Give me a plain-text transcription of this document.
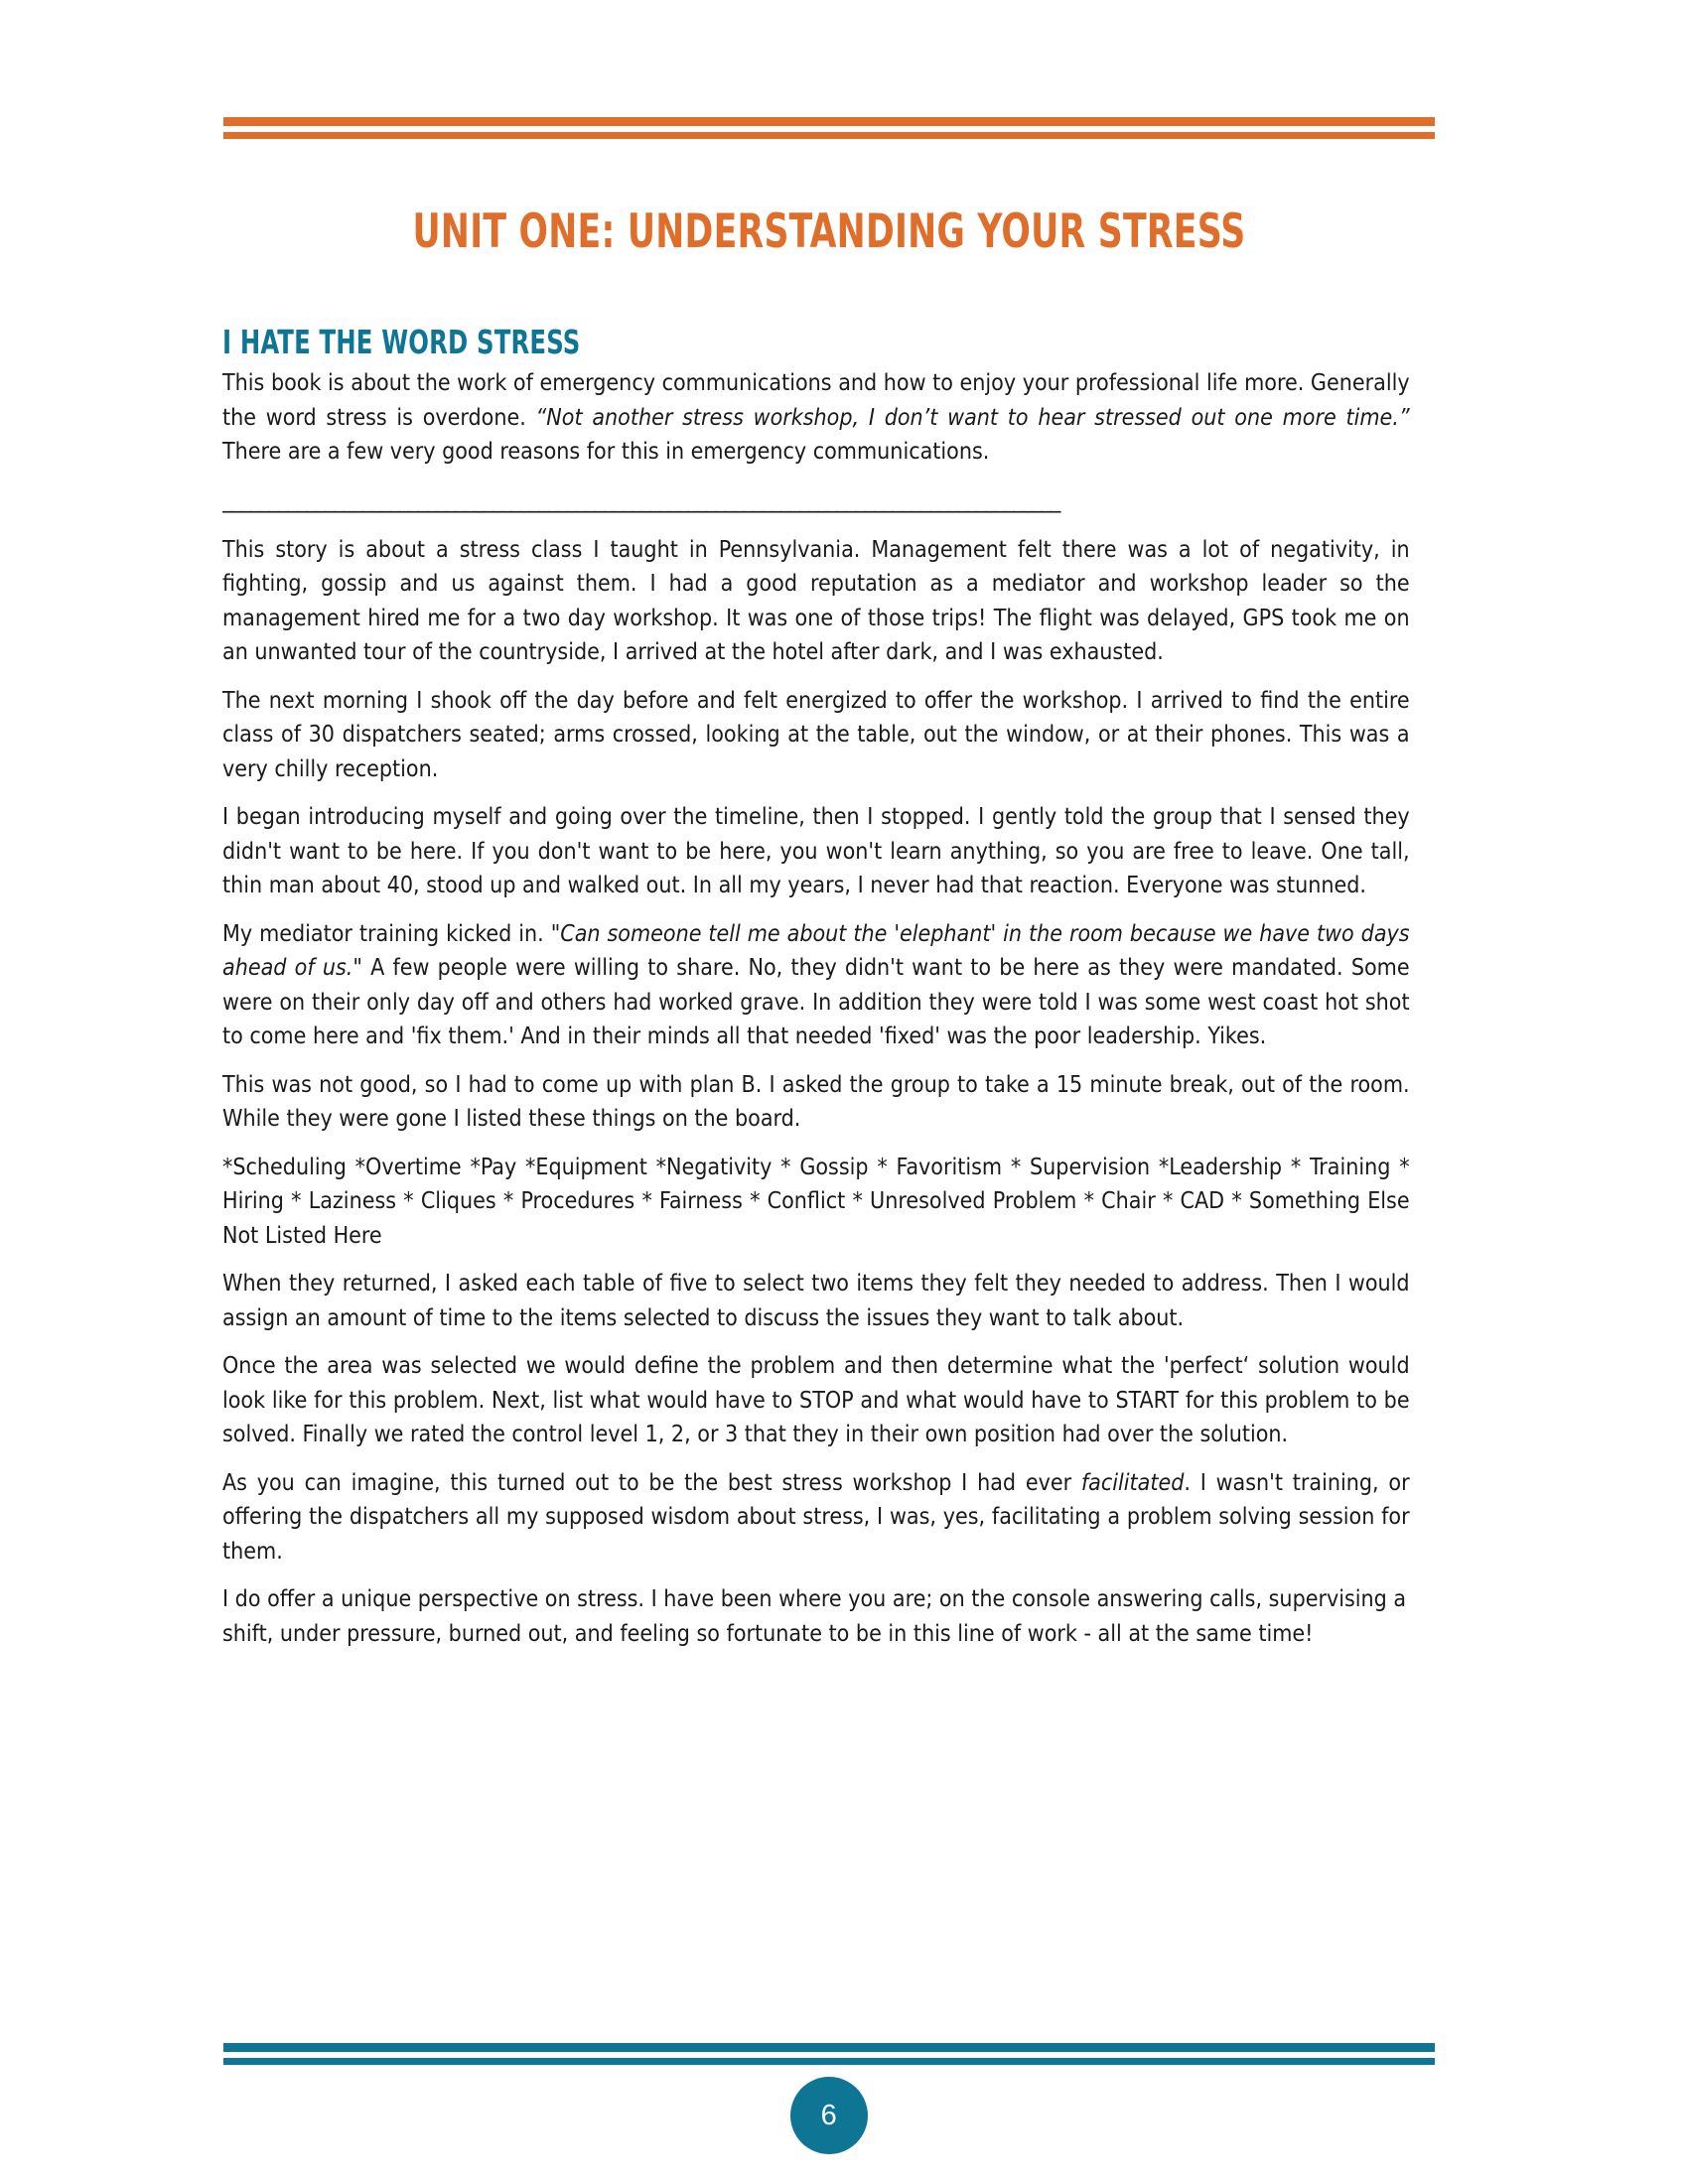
UNIT ONE: UNDERSTANDING YOUR STRESS
I HATE THE WORD STRESS

This book is about the work of emergency communications and how to enjoy your professional life more. Generally the word stress is overdone. “Not another stress workshop, I don’t want to hear stressed out one more time.” There are a few very good reasons for this in emergency communications.

__________________________________________________________________________________________

This story is about a stress class I taught in Pennsylvania. Management felt there was a lot of negativity, in fighting, gossip and us against them. I had a good reputation as a mediator and workshop leader so the management hired me for a two day workshop. It was one of those trips! The flight was delayed, GPS took me on an unwanted tour of the countryside, I arrived at the hotel after dark, and I was exhausted.

The next morning I shook off the day before and felt energized to offer the workshop. I arrived to find the entire class of 30 dispatchers seated; arms crossed, looking at the table, out the window, or at their phones. This was a very chilly reception.

I began introducing myself and going over the timeline, then I stopped. I gently told the group that I sensed they didn't want to be here. If you don't want to be here, you won't learn anything, so you are free to leave. One tall, thin man about 40, stood up and walked out. In all my years, I never had that reaction. Everyone was stunned.

My mediator training kicked in. "Can someone tell me about the 'elephant' in the room because we have two days ahead of us." A few people were willing to share. No, they didn't want to be here as they were mandated. Some were on their only day off and others had worked grave. In addition they were told I was some west coast hot shot to come here and 'fix them.' And in their minds all that needed 'fixed' was the poor leadership. Yikes.

This was not good, so I had to come up with plan B. I asked the group to take a 15 minute break, out of the room. While they were gone I listed these things on the board.

*Scheduling *Overtime *Pay *Equipment *Negativity * Gossip * Favoritism * Supervision *Leadership * Training * Hiring * Laziness * Cliques * Procedures * Fairness * Conflict * Unresolved Problem * Chair * CAD * Something Else Not Listed Here

When they returned, I asked each table of five to select two items they felt they needed to address. Then I would assign an amount of time to the items selected to discuss the issues they want to talk about.

Once the area was selected we would define the problem and then determine what the 'perfect‘ solution would look like for this problem. Next, list what would have to STOP and what would have to START for this problem to be solved. Finally we rated the control level 1, 2, or 3 that they in their own position had over the solution.

As you can imagine, this turned out to be the best stress workshop I had ever facilitated. I wasn't training, or offering the dispatchers all my supposed wisdom about stress, I was, yes, facilitating a problem solving session for them.

I do offer a unique perspective on stress. I have been where you are; on the console answering calls, supervising a shift, under pressure, burned out, and feeling so fortunate to be in this line of work - all at the same time!

6
